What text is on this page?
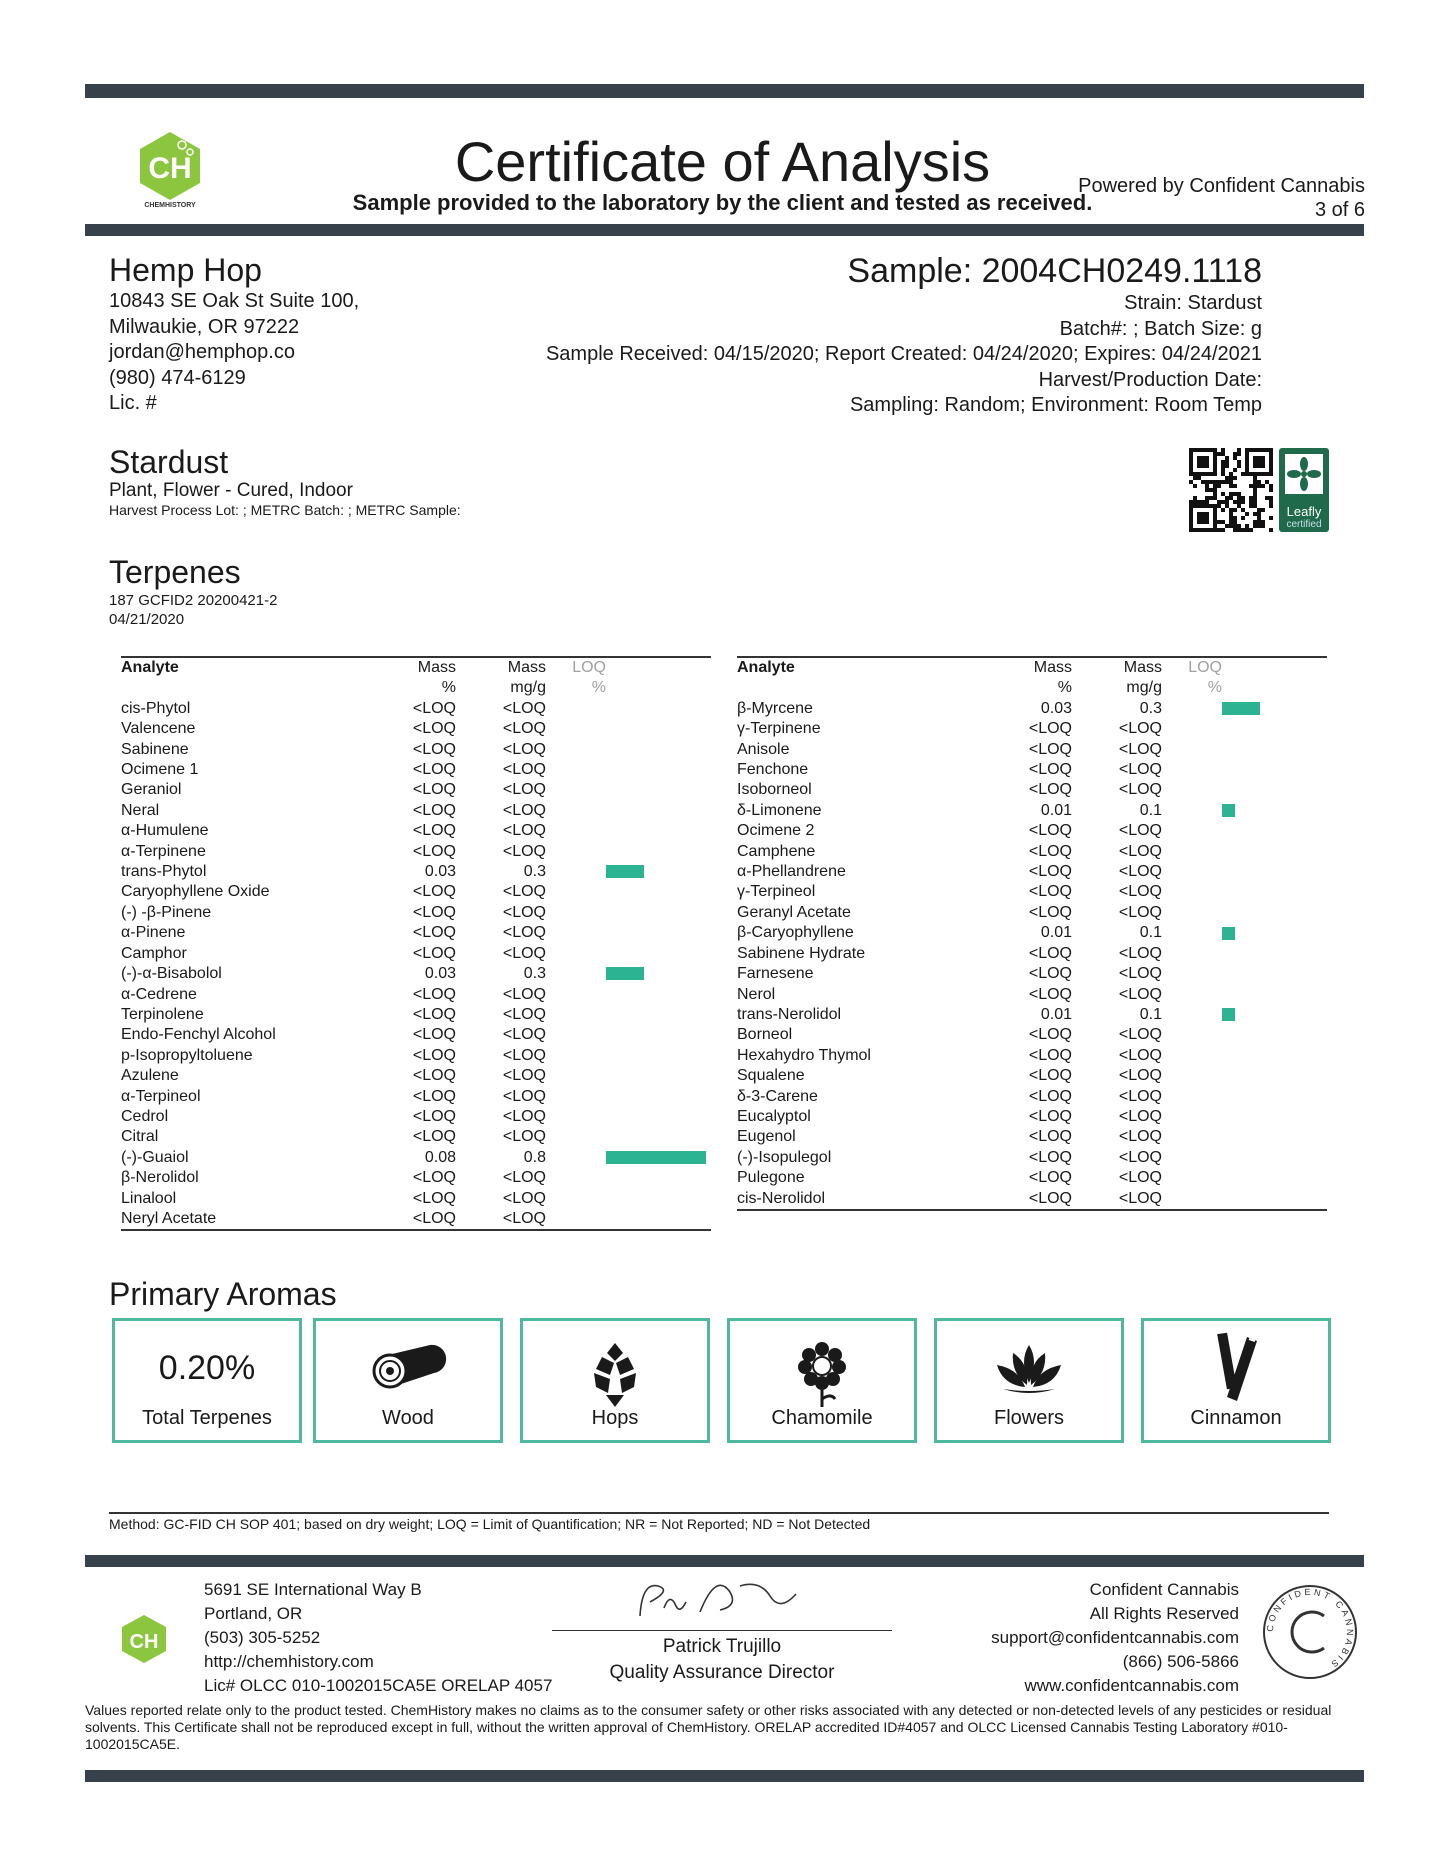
CH
CHEMHISTORY
Certificate of Analysis
Sample provided to the laboratory by the client and tested as received.
Powered by Confident Cannabis
3 of 6
Hemp Hop
10843 SE Oak St Suite 100,
Milwaukie, OR 97222
jordan@hemphop.co
(980) 474-6129
Lic. #
Sample: 2004CH0249.1118
Strain: Stardust
Batch#: ; Batch Size: g
Sample Received: 04/15/2020; Report Created: 04/24/2020; Expires: 04/24/2021
Harvest/Production Date:
Sampling: Random; Environment: Room Temp
Stardust
Plant, Flower - Cured, Indoor
Harvest Process Lot: ; METRC Batch: ; METRC Sample:	Leafly
certified
Terpenes
187 GCFID2 20200421-2
04/21/2020
Analyte	Mass	Mass	LOQ	
	%	mg/g	%	
cis-Phytol	<LOQ	<LOQ		
Valencene	<LOQ	<LOQ		
Sabinene	<LOQ	<LOQ		
Ocimene 1	<LOQ	<LOQ		
Geraniol	<LOQ	<LOQ		
Neral	<LOQ	<LOQ		
α-Humulene	<LOQ	<LOQ		
α-Terpinene	<LOQ	<LOQ		
trans-Phytol	0.03	0.3		
Caryophyllene Oxide	<LOQ	<LOQ		
(-) -β-Pinene	<LOQ	<LOQ		
α-Pinene	<LOQ	<LOQ		
Camphor	<LOQ	<LOQ		
(-)-α-Bisabolol	0.03	0.3		
α-Cedrene	<LOQ	<LOQ		
Terpinolene	<LOQ	<LOQ		
Endo-Fenchyl Alcohol	<LOQ	<LOQ		
p-Isopropyltoluene	<LOQ	<LOQ		
Azulene	<LOQ	<LOQ		
α-Terpineol	<LOQ	<LOQ		
Cedrol	<LOQ	<LOQ		
Citral	<LOQ	<LOQ		
(-)-Guaiol	0.08	0.8		
β-Nerolidol	<LOQ	<LOQ		
Linalool	<LOQ	<LOQ		
Neryl Acetate	<LOQ	<LOQ		
Analyte	Mass	Mass	LOQ	
	%	mg/g	%	
β-Myrcene	0.03	0.3		
γ-Terpinene	<LOQ	<LOQ		
Anisole	<LOQ	<LOQ		
Fenchone	<LOQ	<LOQ		
Isoborneol	<LOQ	<LOQ		
δ-Limonene	0.01	0.1		
Ocimene 2	<LOQ	<LOQ		
Camphene	<LOQ	<LOQ		
α-Phellandrene	<LOQ	<LOQ		
γ-Terpineol	<LOQ	<LOQ		
Geranyl Acetate	<LOQ	<LOQ		
β-Caryophyllene	0.01	0.1		
Sabinene Hydrate	<LOQ	<LOQ		
Farnesene	<LOQ	<LOQ		
Nerol	<LOQ	<LOQ		
trans-Nerolidol	0.01	0.1		
Borneol	<LOQ	<LOQ		
Hexahydro Thymol	<LOQ	<LOQ		
Squalene	<LOQ	<LOQ		
δ-3-Carene	<LOQ	<LOQ		
Eucalyptol	<LOQ	<LOQ		
Eugenol	<LOQ	<LOQ		
(-)-Isopulegol	<LOQ	<LOQ		
Pulegone	<LOQ	<LOQ		
cis-Nerolidol	<LOQ	<LOQ		
Primary Aromas
0.20%
Total Terpenes	Wood	Hops	Chamomile	Flowers	Cinnamon
Method: GC-FID CH SOP 401; based on dry weight; LOQ = Limit of Quantification; NR = Not Reported; ND = Not Detected
CH
5691 SE International Way B
Portland, OR
(503) 305-5252
http://chemhistory.com
Lic# OLCC 010-1002015CA5E ORELAP 4057
Patrick Trujillo
Quality Assurance Director
Confident Cannabis
All Rights Reserved
support@confidentcannabis.com
(866) 506-5866
www.confidentcannabis.com
CONFIDENT CANNABIS
Values reported relate only to the product tested. ChemHistory makes no claims as to the consumer safety or other risks associated with any detected or non-detected levels of any pesticides or residual solvents. This Certificate shall not be reproduced except in full, without the written approval of ChemHistory. ORELAP accredited ID#4057 and OLCC Licensed Cannabis Testing Laboratory #010-1002015CA5E.
